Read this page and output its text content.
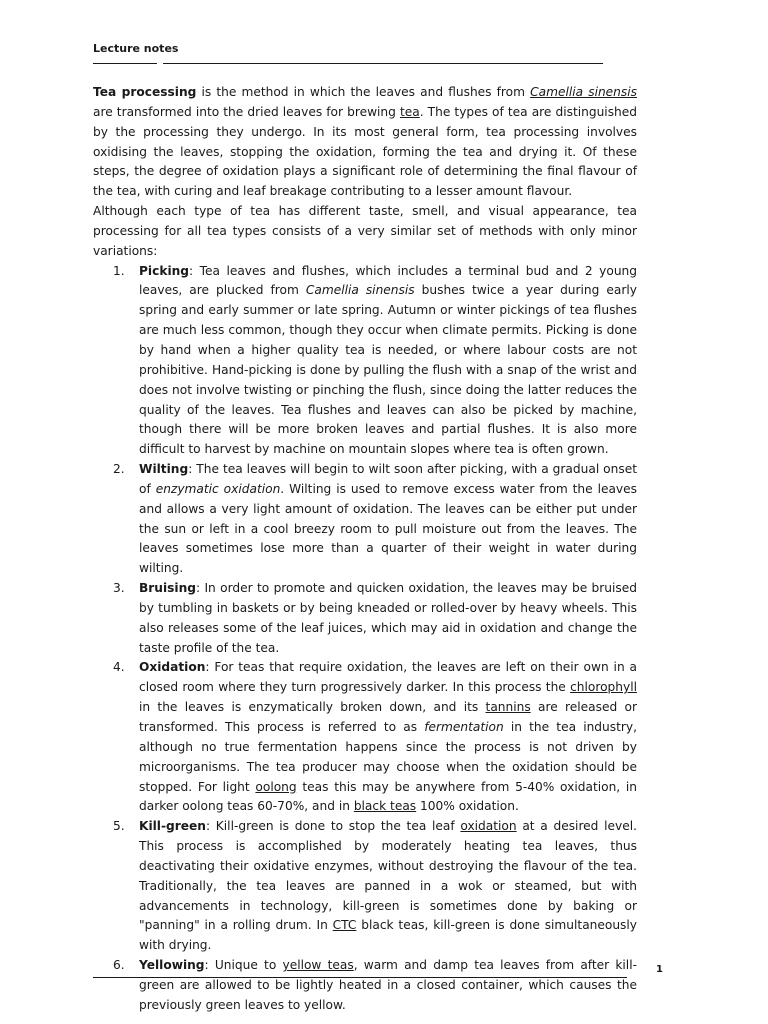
Lecture notes

Tea processing is the method in which the leaves and flushes from Camellia sinensis are transformed into the dried leaves for brewing tea. The types of tea are distinguished by the processing they undergo. In its most general form, tea processing involves oxidising the leaves, stopping the oxidation, forming the tea and drying it. Of these steps, the degree of oxidation plays a significant role of determining the final flavour of the tea, with curing and leaf breakage contributing to a lesser amount flavour.

Although each type of tea has different taste, smell, and visual appearance, tea processing for all tea types consists of a very similar set of methods with only minor variations:

1. Picking: Tea leaves and flushes, which includes a terminal bud and 2 young leaves, are plucked from Camellia sinensis bushes twice a year during early spring and early summer or late spring. Autumn or winter pickings of tea flushes are much less common, though they occur when climate permits. Picking is done by hand when a higher quality tea is needed, or where labour costs are not prohibitive. Hand-picking is done by pulling the flush with a snap of the wrist and does not involve twisting or pinching the flush, since doing the latter reduces the quality of the leaves. Tea flushes and leaves can also be picked by machine, though there will be more broken leaves and partial flushes. It is also more difficult to harvest by machine on mountain slopes where tea is often grown.
2. Wilting: The tea leaves will begin to wilt soon after picking, with a gradual onset of enzymatic oxidation. Wilting is used to remove excess water from the leaves and allows a very light amount of oxidation. The leaves can be either put under the sun or left in a cool breezy room to pull moisture out from the leaves. The leaves sometimes lose more than a quarter of their weight in water during wilting.
3. Bruising: In order to promote and quicken oxidation, the leaves may be bruised by tumbling in baskets or by being kneaded or rolled-over by heavy wheels. This also releases some of the leaf juices, which may aid in oxidation and change the taste profile of the tea.
4. Oxidation: For teas that require oxidation, the leaves are left on their own in a closed room where they turn progressively darker. In this process the chlorophyll in the leaves is enzymatically broken down, and its tannins are released or transformed. This process is referred to as fermentation in the tea industry, although no true fermentation happens since the process is not driven by microorganisms. The tea producer may choose when the oxidation should be stopped. For light oolong teas this may be anywhere from 5-40% oxidation, in darker oolong teas 60-70%, and in black teas 100% oxidation.
5. Kill-green: Kill-green is done to stop the tea leaf oxidation at a desired level. This process is accomplished by moderately heating tea leaves, thus deactivating their oxidative enzymes, without destroying the flavour of the tea. Traditionally, the tea leaves are panned in a wok or steamed, but with advancements in technology, kill-green is sometimes done by baking or "panning" in a rolling drum. In CTC black teas, kill-green is done simultaneously with drying.
6. Yellowing: Unique to yellow teas, warm and damp tea leaves from after kill-green are allowed to be lightly heated in a closed container, which causes the previously green leaves to yellow.
1
